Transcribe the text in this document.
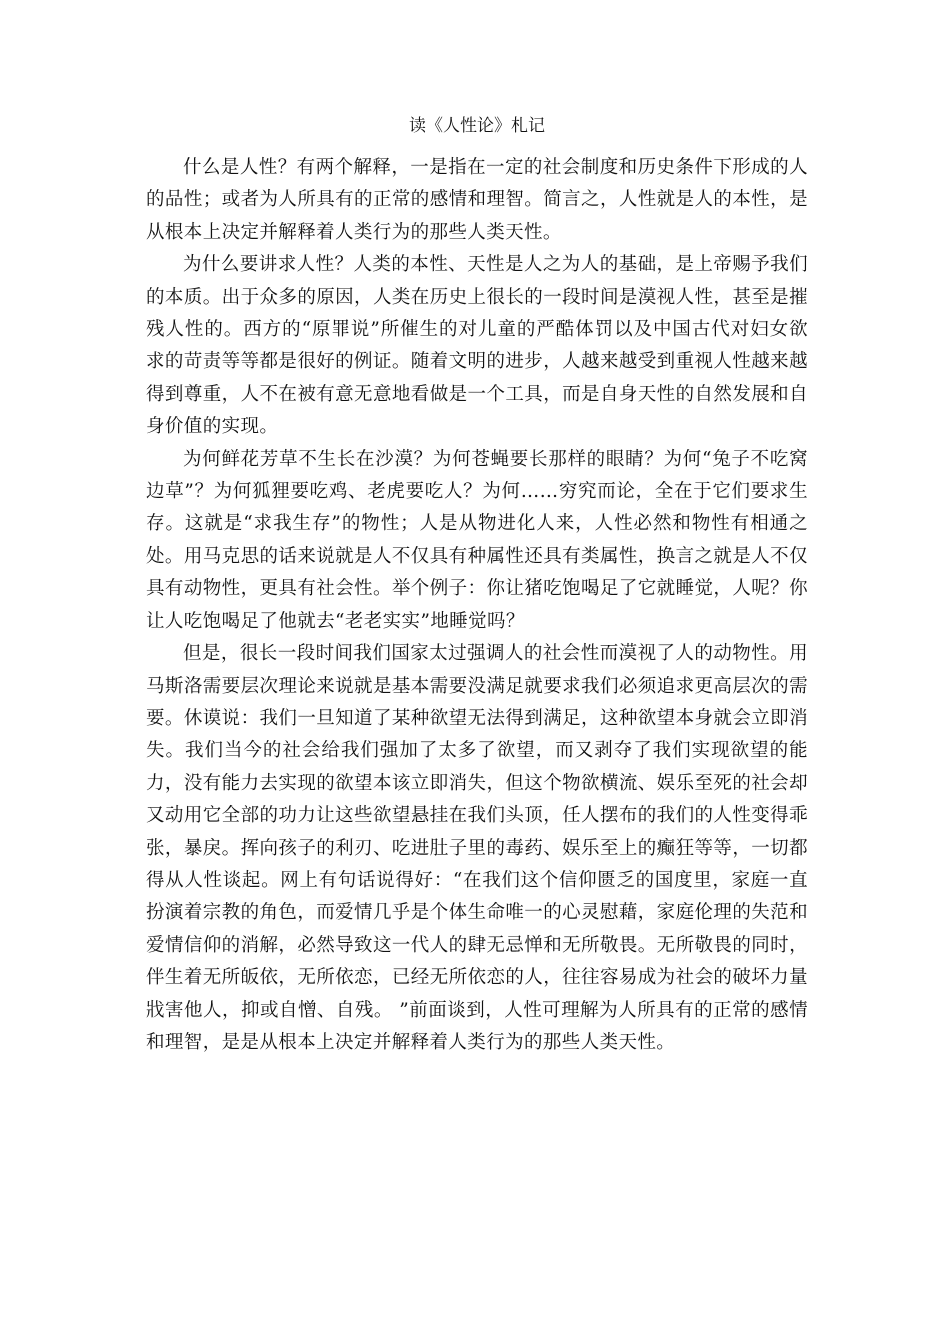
读《人性论》札记

什么是人性？有两个解释，一是指在一定的社会制度和历史条件下形成的人的品性；或者为人所具有的正常的感情和理智。简言之，人性就是人的本性，是从根本上决定并解释着人类行为的那些人类天性。

为什么要讲求人性？人类的本性、天性是人之为人的基础，是上帝赐予我们的本质。出于众多的原因，人类在历史上很长的一段时间是漠视人性，甚至是摧残人性的。西方的“原罪说”所催生的对儿童的严酷体罚以及中国古代对妇女欲求的苛责等等都是很好的例证。随着文明的进步，人越来越受到重视人性越来越得到尊重，人不在被有意无意地看做是一个工具，而是自身天性的自然发展和自身价值的实现。

为何鲜花芳草不生长在沙漠？为何苍蝇要长那样的眼睛？为何“兔子不吃窝边草”？为何狐狸要吃鸡、老虎要吃人？为何……穷究而论，全在于它们要求生存。这就是“求我生存”的物性；人是从物进化人来，人性必然和物性有相通之处。用马克思的话来说就是人不仅具有种属性还具有类属性，换言之就是人不仅具有动物性，更具有社会性。举个例子：你让猪吃饱喝足了它就睡觉，人呢？你让人吃饱喝足了他就去“老老实实”地睡觉吗？

但是，很长一段时间我们国家太过强调人的社会性而漠视了人的动物性。用马斯洛需要层次理论来说就是基本需要没满足就要求我们必须追求更高层次的需要。休谟说：我们一旦知道了某种欲望无法得到满足，这种欲望本身就会立即消失。我们当今的社会给我们强加了太多了欲望，而又剥夺了我们实现欲望的能力，没有能力去实现的欲望本该立即消失，但这个物欲横流、娱乐至死的社会却又动用它全部的功力让这些欲望悬挂在我们头顶，任人摆布的我们的人性变得乖张，暴戾。挥向孩子的利刃、吃进肚子里的毒药、娱乐至上的癫狂等等，一切都得从人性谈起。网上有句话说得好：“在我们这个信仰匮乏的国度里，家庭一直扮演着宗教的角色，而爱情几乎是个体生命唯一的心灵慰藉，家庭伦理的失范和爱情信仰的消解，必然导致这一代人的肆无忌惮和无所敬畏。无所敬畏的同时，伴生着无所皈依，无所依恋，已经无所依恋的人，往往容易成为社会的破坏力量戕害他人，抑或自憎、自残。 ”前面谈到，人性可理解为人所具有的正常的感情和理智，是是从根本上决定并解释着人类行为的那些人类天性。
